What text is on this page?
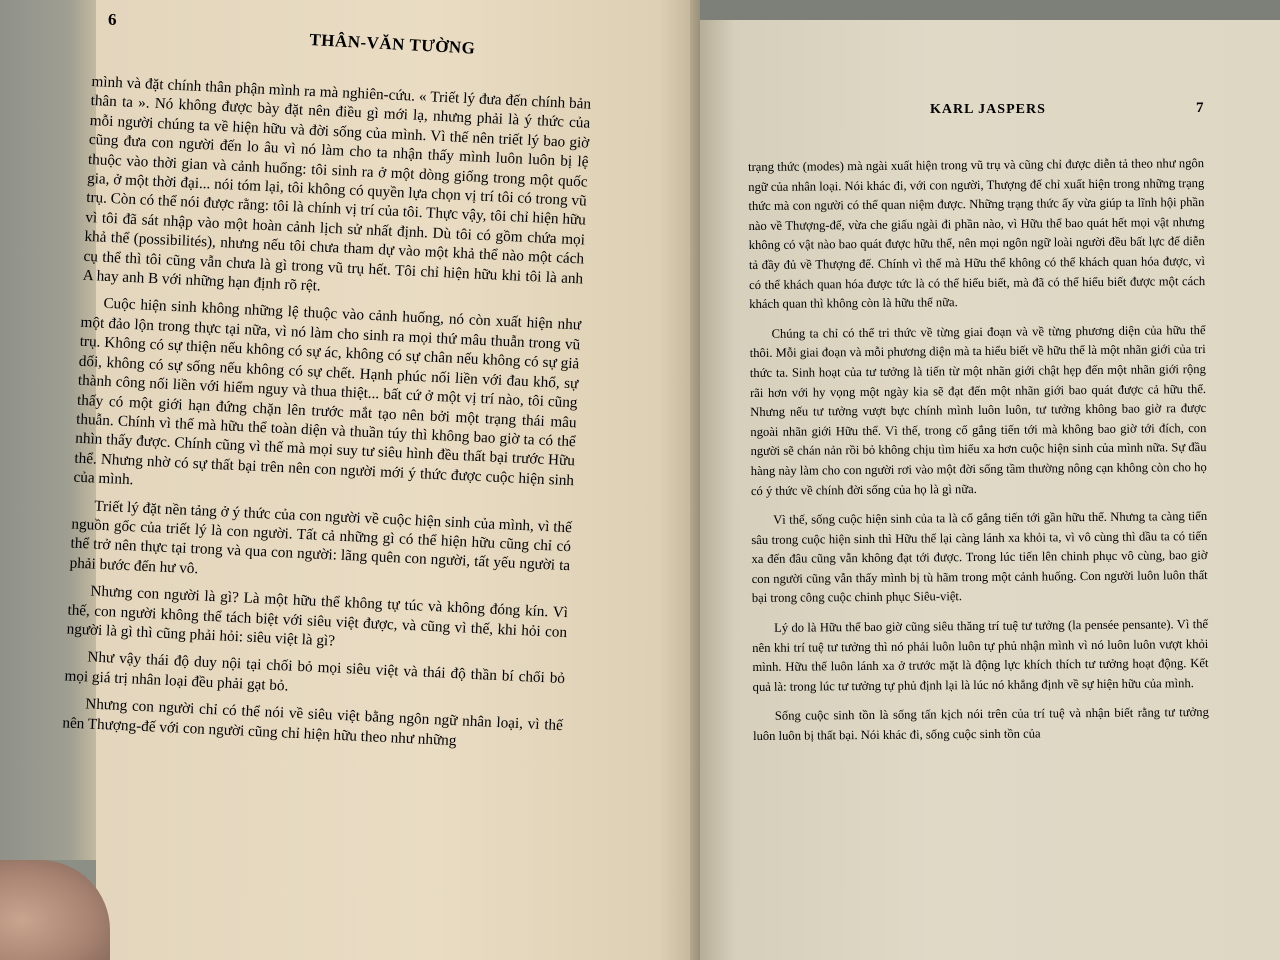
6
THÂN-VĂN TƯỜNG

mình và đặt chính thân phận mình ra mà nghiên-cứu. « Triết lý đưa đến chính bản thân ta ». Nó không được bày đặt nên điều gì mới lạ, nhưng phải là ý thức của mỗi người chúng ta về hiện hữu và đời sống của mình. Vì thế nên triết lý bao giờ cũng đưa con người đến lo âu vì nó làm cho ta nhận thấy mình luôn luôn bị lệ thuộc vào thời gian và cảnh huống: tôi sinh ra ở một dòng giống trong một quốc gia, ở một thời đại... nói tóm lại, tôi không có quyền lựa chọn vị trí tôi có trong vũ trụ. Còn có thể nói được rằng: tôi là chính vị trí của tôi. Thực vậy, tôi chỉ hiện hữu vì tôi đã sát nhập vào một hoàn cảnh lịch sử nhất định. Dù tôi có gồm chứa mọi khả thể (possibilités), nhưng nếu tôi chưa tham dự vào một khả thể nào một cách cụ thể thì tôi cũng vẫn chưa là gì trong vũ trụ hết. Tôi chỉ hiện hữu khi tôi là anh A hay anh B với những hạn định rõ rệt.

Cuộc hiện sinh không những lệ thuộc vào cảnh huống, nó còn xuất hiện như một đảo lộn trong thực tại nữa, vì nó làm cho sinh ra mọi thứ mâu thuẫn trong vũ trụ. Không có sự thiện nếu không có sự ác, không có sự chân nếu không có sự giả dối, không có sự sống nếu không có sự chết. Hạnh phúc nối liền với đau khổ, sự thành công nối liền với hiểm nguy và thua thiệt... bất cứ ở một vị trí nào, tôi cũng thấy có một giới hạn đứng chặn lên trước mắt tạo nên bởi một trạng thái mâu thuẫn. Chính vì thế mà hữu thể toàn diện và thuần túy thì không bao giờ ta có thể nhìn thấy được. Chính cũng vì thế mà mọi suy tư siêu hình đều thất bại trước Hữu thể. Nhưng nhờ có sự thất bại trên nên con người mới ý thức được cuộc hiện sinh của mình.

Triết lý đặt nền tảng ở ý thức của con người về cuộc hiện sinh của mình, vì thế nguồn gốc của triết lý là con người. Tất cả những gì có thể hiện hữu cũng chỉ có thể trở nên thực tại trong và qua con người: lãng quên con người, tất yếu người ta phải bước đến hư vô.

Nhưng con người là gì? Là một hữu thể không tự túc và không đóng kín. Vì thế, con người không thể tách biệt với siêu việt được, và cũng vì thế, khi hỏi con người là gì thì cũng phải hỏi: siêu việt là gì?

Như vậy thái độ duy nội tại chối bỏ mọi siêu việt và thái độ thần bí chối bỏ mọi giá trị nhân loại đều phải gạt bỏ.

Nhưng con người chỉ có thể nói về siêu việt bằng ngôn ngữ nhân loại, vì thế nên Thượng-đế với con người cũng chỉ hiện hữu theo như những

KARL JASPERS	7

trạng thức (modes) mà ngài xuất hiện trong vũ trụ và cũng chỉ được diễn tả theo như ngôn ngữ của nhân loại. Nói khác đi, với con người, Thượng đế chỉ xuất hiện trong những trạng thức mà con người có thể quan niệm được. Những trạng thức ấy vừa giúp ta lĩnh hội phần nào về Thượng-đế, vừa che giấu ngài đi phần nào, vì Hữu thể bao quát hết mọi vật nhưng không có vật nào bao quát được hữu thể, nên mọi ngôn ngữ loài người đều bất lực để diễn tả đầy đủ về Thượng đế. Chính vì thế mà Hữu thể không có thể khách quan hóa được, vì có thể khách quan hóa được tức là có thể hiểu biết, mà đã có thể hiểu biết được một cách khách quan thì không còn là hữu thể nữa.

Chúng ta chỉ có thể tri thức về từng giai đoạn và về từng phương diện của hữu thể thôi. Mỗi giai đoạn và mỗi phương diện mà ta hiểu biết về hữu thể là một nhãn giới của tri thức ta. Sinh hoạt của tư tưởng là tiến từ một nhãn giới chật hẹp đến một nhãn giới rộng rãi hơn với hy vọng một ngày kia sẽ đạt đến một nhãn giới bao quát được cả hữu thể. Nhưng nếu tư tưởng vượt bực chính mình luôn luôn, tư tưởng không bao giờ ra được ngoài nhãn giới Hữu thể. Vì thế, trong cố gắng tiến tới mà không bao giờ tới đích, con người sẽ chán nản rồi bỏ không chịu tìm hiểu xa hơn cuộc hiện sinh của mình nữa. Sự đầu hàng này làm cho con người rơi vào một đời sống tầm thường nông cạn không còn cho họ có ý thức về chính đời sống của họ là gì nữa.

Vì thế, sống cuộc hiện sinh của ta là cố gắng tiến tới gần hữu thể. Nhưng ta càng tiến sâu trong cuộc hiện sinh thì Hữu thể lại càng lánh xa khỏi ta, vì vô cùng thì dầu ta có tiến xa đến đâu cũng vẫn không đạt tới được. Trong lúc tiến lên chinh phục vô cùng, bao giờ con người cũng vẫn thấy mình bị tù hãm trong một cảnh huống. Con người luôn luôn thất bại trong công cuộc chinh phục Siêu-việt.

Lý do là Hữu thể bao giờ cũng siêu thăng trí tuệ tư tưởng (la pensée pensante). Vì thế nên khi trí tuệ tư tưởng thì nó phải luôn luôn tự phủ nhận mình vì nó luôn luôn vượt khỏi mình. Hữu thể luôn lánh xa ở trước mặt là động lực khích thích tư tưởng hoạt động. Kết quả là: trong lúc tư tưởng tự phủ định lại là lúc nó khẳng định về sự hiện hữu của mình.

Sống cuộc sinh tồn là sống tấn kịch nói trên của trí tuệ và nhận biết rằng tư tưởng luôn luôn bị thất bại. Nói khác đi, sống cuộc sinh tồn của
